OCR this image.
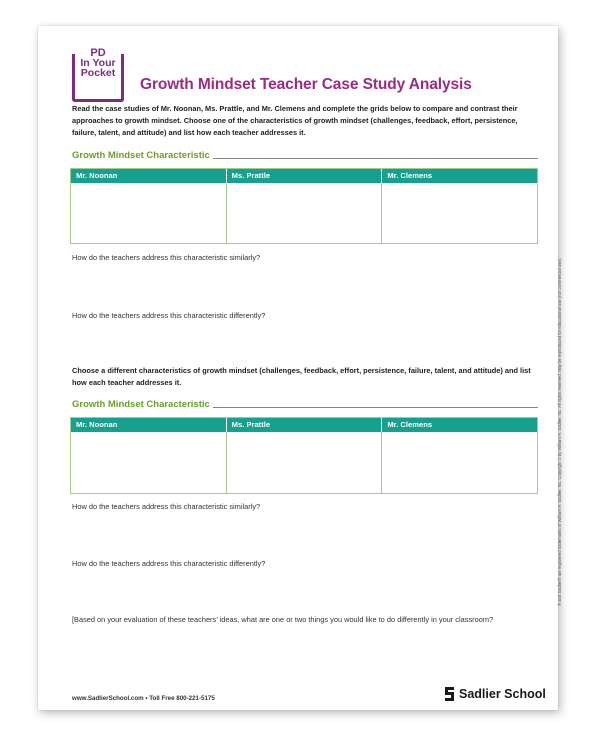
PD
In Your
Pocket
Growth Mindset Teacher Case Study Analysis
Read the case studies of Mr. Noonan, Ms. Prattle, and Mr. Clemens and complete the grids below to compare and contrast their approaches to growth mindset. Choose one of the characteristics of growth mindset (challenges, feedback, effort, persistence, failure, talent, and attitude) and list how each teacher addresses it.
Growth Mindset Characteristic
Mr. Noonan	Ms. Prattle	Mr. Clemens
How do the teachers address this characteristic similarly?
How do the teachers address this characteristic differently?
Choose a different characteristics of growth mindset (challenges, feedback, effort, persistence, failure, talent, and attitude) and list how each teacher addresses it.
Growth Mindset Characteristic
Mr. Noonan	Ms. Prattle	Mr. Clemens
How do the teachers address this characteristic similarly?
How do the teachers address this characteristic differently?
[Based on your evaluation of these teachers’ ideas, what are one or two things you would like to do differently in your classroom?
www.SadlierSchool.com • Toll Free 800-221-5175	Sadlier School
® and Sadlier® are registered trademarks of William H. Sadlier, Inc. Copyright © by William H. Sadlier, Inc. All rights reserved. May be reproduced for educational use (not commercial use).
